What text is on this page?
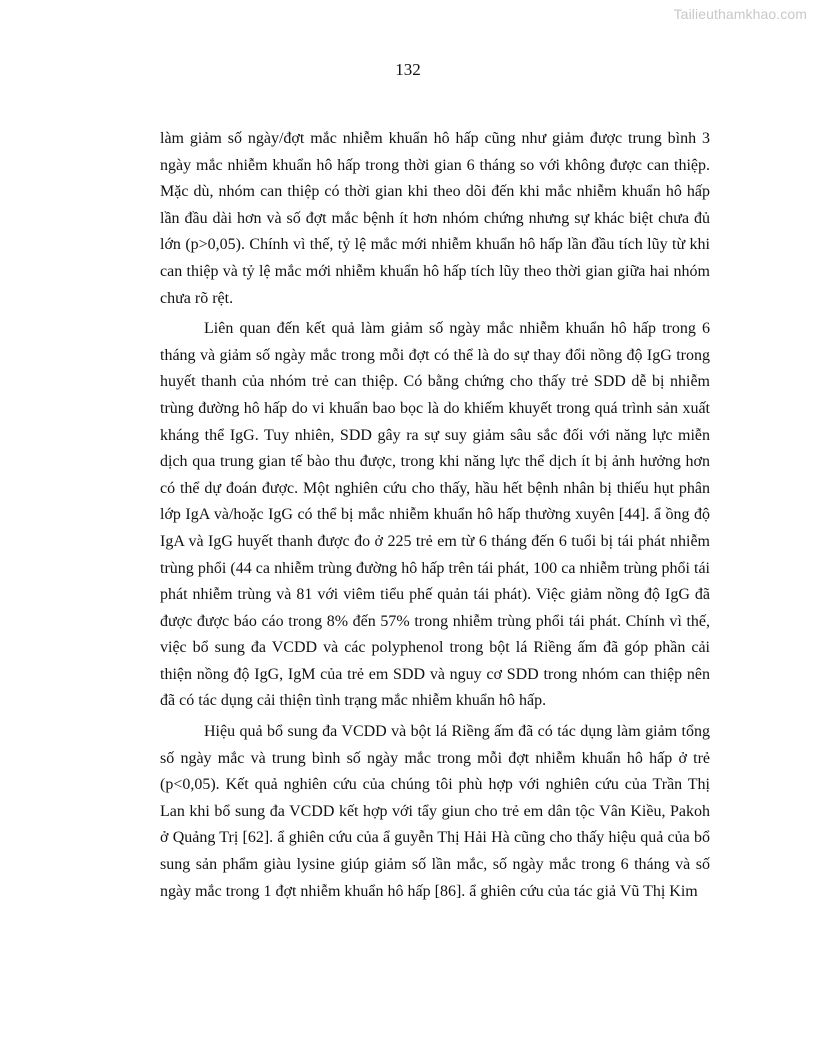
Tailieuthamkhao.com
132

làm giảm số ngày/đợt mắc nhiễm khuẩn hô hấp cũng như giảm được trung bình 3 ngày mắc nhiễm khuẩn hô hấp trong thời gian 6 tháng so với không được can thiệp. Mặc dù, nhóm can thiệp có thời gian khi theo dõi đến khi mắc nhiễm khuẩn hô hấp lần đầu dài hơn và số đợt mắc bệnh ít hơn nhóm chứng nhưng sự khác biệt chưa đủ lớn (p>0,05). Chính vì thế, tỷ lệ mắc mới nhiễm khuẩn hô hấp lần đầu tích lũy từ khi can thiệp và tỷ lệ mắc mới nhiễm khuẩn hô hấp tích lũy theo thời gian giữa hai nhóm chưa rõ rệt.

Liên quan đến kết quả làm giảm số ngày mắc nhiễm khuẩn hô hấp trong 6 tháng và giảm số ngày mắc trong mỗi đợt có thể là do sự thay đổi nồng độ IgG trong huyết thanh của nhóm trẻ can thiệp. Có bằng chứng cho thấy trẻ SDD dễ bị nhiễm trùng đường hô hấp do vi khuẩn bao bọc là do khiếm khuyết trong quá trình sản xuất kháng thể IgG. Tuy nhiên, SDD gây ra sự suy giảm sâu sắc đối với năng lực miễn dịch qua trung gian tế bào thu được, trong khi năng lực thể dịch ít bị ảnh hưởng hơn có thể dự đoán được. Một nghiên cứu cho thấy, hầu hết bệnh nhân bị thiếu hụt phân lớp IgA và/hoặc IgG có thể bị mắc nhiễm khuẩn hô hấp thường xuyên [44]. ẩ ồng độ IgA và IgG huyết thanh được đo ở 225 trẻ em từ 6 tháng đến 6 tuổi bị tái phát nhiễm trùng phổi (44 ca nhiễm trùng đường hô hấp trên tái phát, 100 ca nhiễm trùng phổi tái phát nhiễm trùng và 81 với viêm tiểu phế quản tái phát). Việc giảm nồng độ IgG đã được được báo cáo trong 8% đến 57% trong nhiễm trùng phổi tái phát. Chính vì thế, việc bổ sung đa VCDD và các polyphenol trong bột lá Riềng ấm đã góp phần cải thiện nồng độ IgG, IgM của trẻ em SDD và nguy cơ SDD trong nhóm can thiệp nên đã có tác dụng cải thiện tình trạng mắc nhiễm khuẩn hô hấp.

Hiệu quả bổ sung đa VCDD và bột lá Riềng ấm đã có tác dụng làm giảm tổng số ngày mắc và trung bình số ngày mắc trong mỗi đợt nhiễm khuẩn hô hấp ở trẻ (p<0,05). Kết quả nghiên cứu của chúng tôi phù hợp với nghiên cứu của Trần Thị Lan khi bổ sung đa VCDD kết hợp với tẩy giun cho trẻ em dân tộc Vân Kiều, Pakoh ở Quảng Trị [62]. ẩ ghiên cứu của ẩ guyễn Thị Hải Hà cũng cho thấy hiệu quả của bổ sung sản phẩm giàu lysine giúp giảm số lần mắc, số ngày mắc trong 6 tháng và số ngày mắc trong 1 đợt nhiễm khuẩn hô hấp [86]. ẩ ghiên cứu của tác giả Vũ Thị Kim
